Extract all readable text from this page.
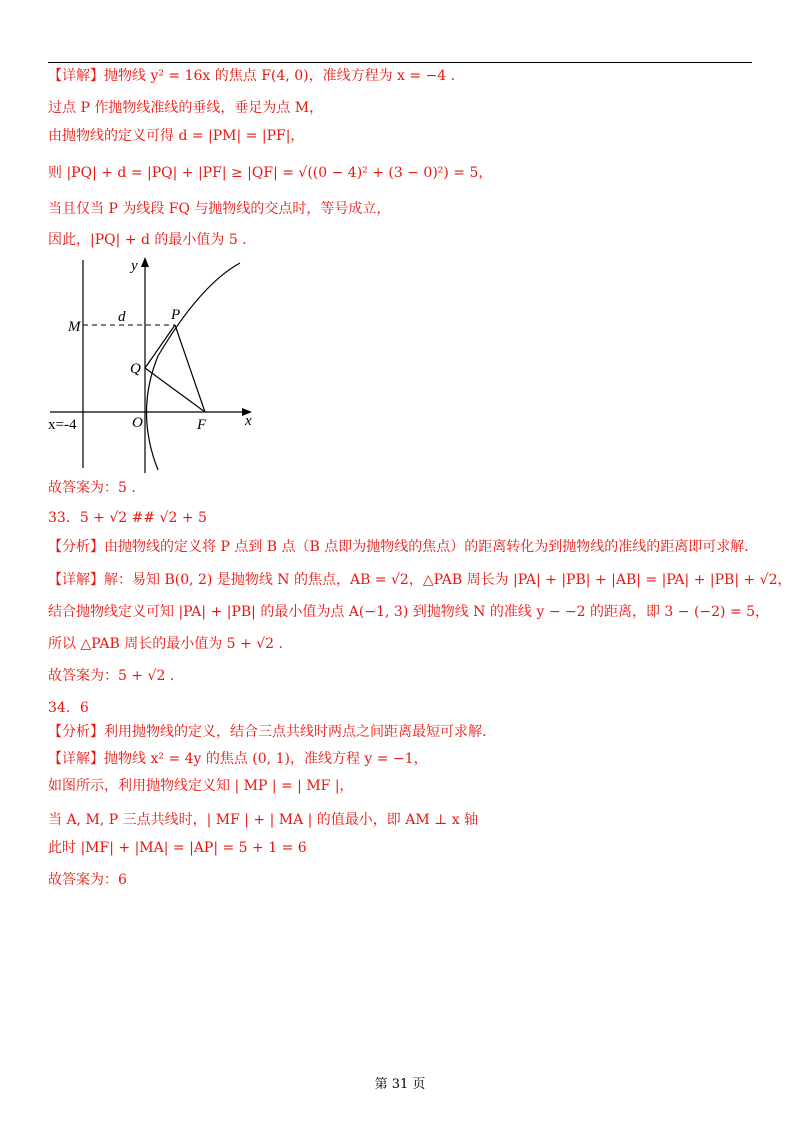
【详解】抛物线 y² = 16x 的焦点 F(4, 0)，准线方程为 x = −4 .
过点 P 作抛物线准线的垂线，垂足为点 M，
由抛物线的定义可得 d = |PM| = |PF|，
则 |PQ| + d = |PQ| + |PF| ≥ |QF| = √((0 − 4)² + (3 − 0)²) = 5，
当且仅当 P 为线段 FQ 与抛物线的交点时，等号成立，
因此，|PQ| + d 的最小值为 5 .
y
x
M
d	P
Q
O	F
x=-4
故答案为：5 .
33．5 + √2 ## √2 + 5
【分析】由抛物线的定义将 P 点到 B 点（B 点即为抛物线的焦点）的距离转化为到抛物线的准线的距离即可求解.
【详解】解：易知 B(0, 2) 是抛物线 N 的焦点，AB = √2，△PAB 周长为 |PA| + |PB| + |AB| = |PA| + |PB| + √2，
结合抛物线定义可知 |PA| + |PB| 的最小值为点 A(−1, 3) 到抛物线 N 的准线 y − −2 的距离，即 3 − (−2) = 5，
所以 △PAB 周长的最小值为 5 + √2 .
故答案为：5 + √2 .
34．6
【分析】利用抛物线的定义，结合三点共线时两点之间距离最短可求解.
【详解】抛物线 x² = 4y 的焦点 (0, 1)，准线方程 y = −1，
如图所示，利用抛物线定义知 | MP | = | MF |，
当 A, M, P 三点共线时，| MF | + | MA | 的值最小，即 AM ⊥ x 轴
此时 |MF| + |MA| = |AP| = 5 + 1 = 6
故答案为：6
第 31 页
